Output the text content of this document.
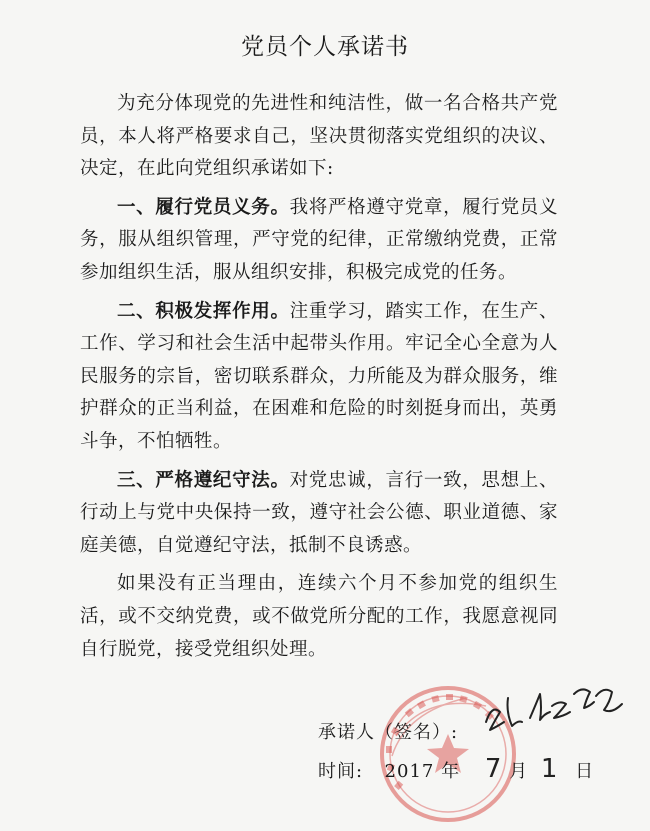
党员个人承诺书

为充分体现党的先进性和纯洁性，做一名合格共产党员，本人将严格要求自己，坚决贯彻落实党组织的决议、决定，在此向党组织承诺如下:

一、履行党员义务。我将严格遵守党章，履行党员义务，服从组织管理，严守党的纪律，正常缴纳党费，正常参加组织生活，服从组织安排，积极完成党的任务。

二、积极发挥作用。注重学习，踏实工作，在生产、工作、学习和社会生活中起带头作用。牢记全心全意为人民服务的宗旨，密切联系群众，力所能及为群众服务，维护群众的正当利益，在困难和危险的时刻挺身而出，英勇斗争，不怕牺牲。

三、严格遵纪守法。对党忠诚，言行一致，思想上、行动上与党中央保持一致，遵守社会公德、职业道德、家庭美德，自觉遵纪守法，抵制不良诱惑。

如果没有正当理由，连续六个月不参加党的组织生活，或不交纳党费，或不做党所分配的工作，我愿意视同自行脱党，接受党组织处理。

承诺人（签名）:
时间: 2017 年 7 月 1 日
